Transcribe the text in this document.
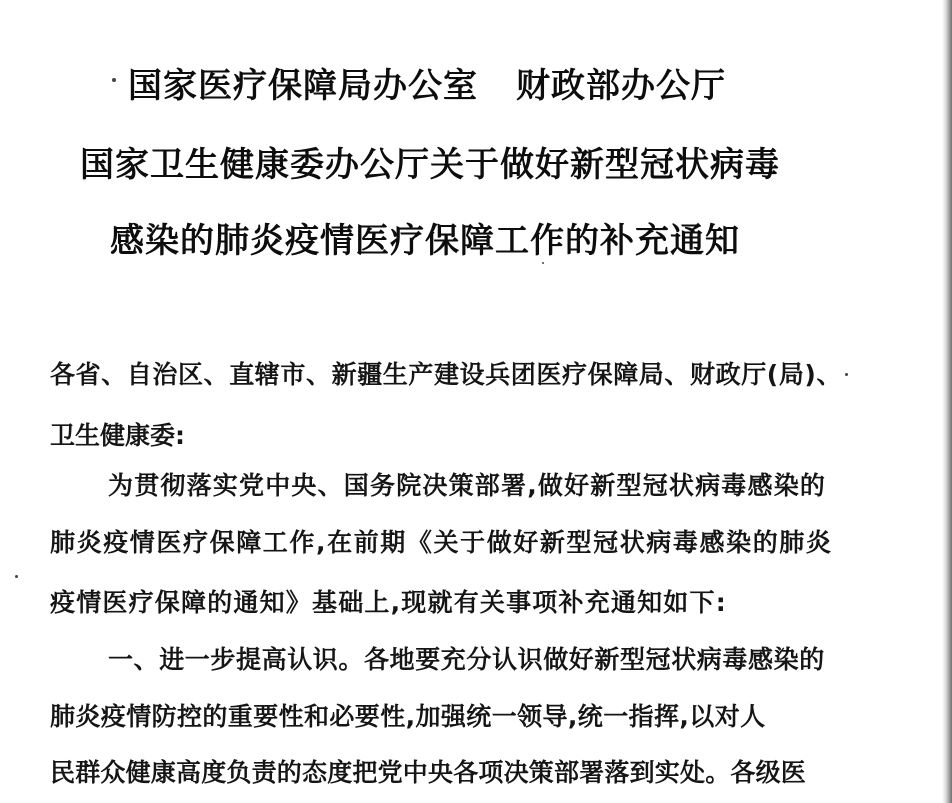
国家医疗保障局办公室 财政部办公厅
国家卫生健康委办公厅关于做好新型冠状病毒
感染的肺炎疫情医疗保障工作的补充通知
各省、自治区、直辖市、新疆生产建设兵团医疗保障局、财政厅(局)、
卫生健康委:
为贯彻落实党中央、国务院决策部署,做好新型冠状病毒感染的
肺炎疫情医疗保障工作,在前期《关于做好新型冠状病毒感染的肺炎
疫情医疗保障的通知》基础上,现就有关事项补充通知如下:
一、进一步提高认识。各地要充分认识做好新型冠状病毒感染的
肺炎疫情防控的重要性和必要性,加强统一领导,统一指挥,以对人
民群众健康高度负责的态度把党中央各项决策部署落到实处。各级医
